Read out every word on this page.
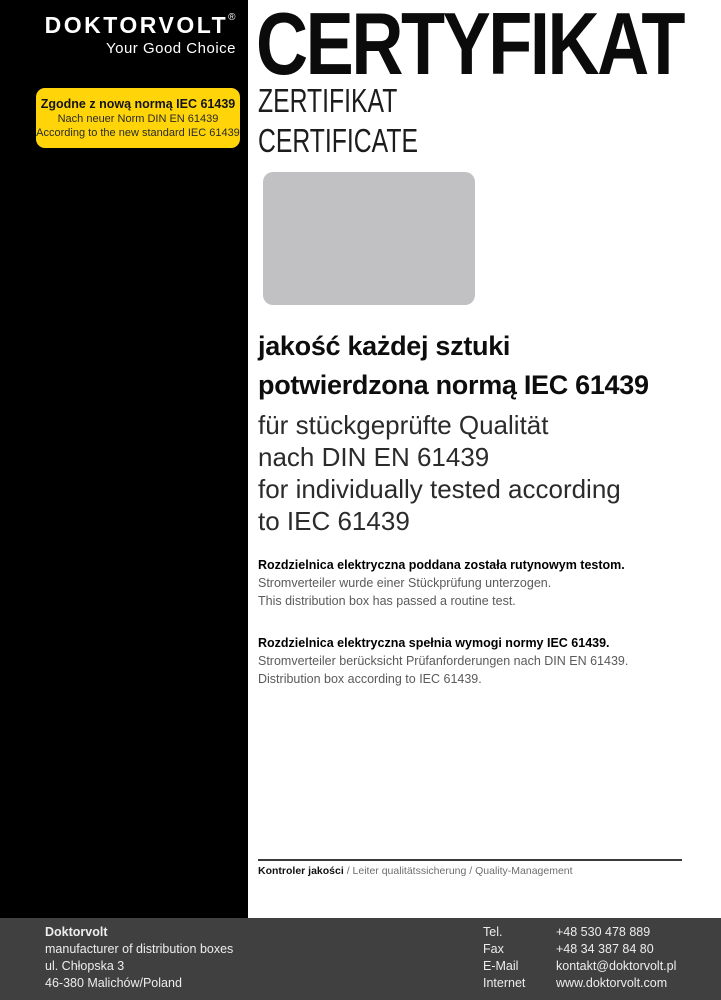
DOKTORVOLT®
Your Good Choice
Zgodne z nową normą IEC 61439
Nach neuer Norm DIN EN 61439
According to the new standard IEC 61439
CERTYFIKAT
ZERTIFIKAT
CERTIFICATE
jakość każdej sztuki
potwierdzona normą IEC 61439
für stückgeprüfte Qualität
nach DIN EN 61439
for individually tested according
to IEC 61439
Rozdzielnica elektryczna poddana została rutynowym testom.
Stromverteiler wurde einer Stückprüfung unterzogen.
This distribution box has passed a routine test.
Rozdzielnica elektryczna spełnia wymogi normy IEC 61439.
Stromverteiler berücksicht Prüfanforderungen nach DIN EN 61439.
Distribution box according to IEC 61439.
Kontroler jakości / Leiter qualitätssicherung / Quality-Management
Doktorvolt
manufacturer of distribution boxes
ul. Chłopska 3
46-380 Malichów/Poland
Tel.	+48 530 478 889
Fax	+48 34 387 84 80
E-Mail	kontakt@doktorvolt.pl
Internet www.doktorvolt.com
